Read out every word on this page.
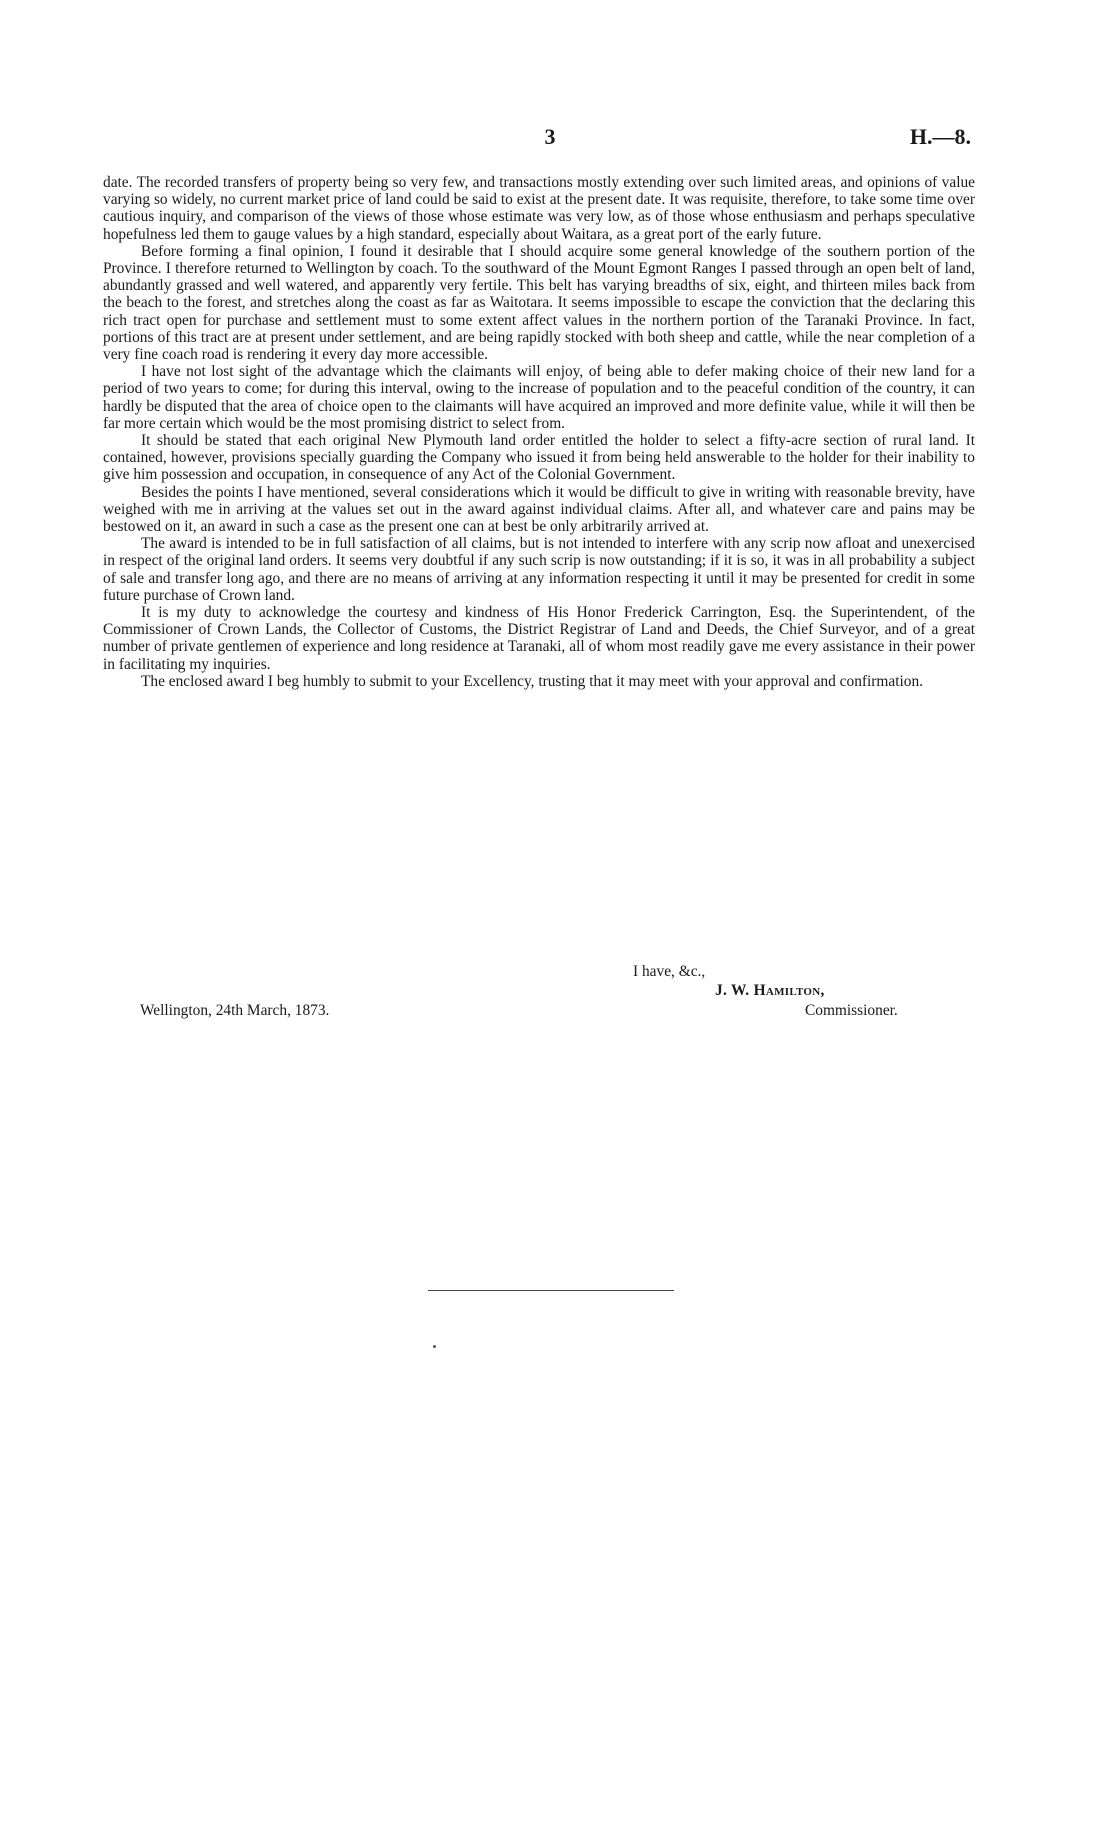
3	H.—8.

date. The recorded transfers of property being so very few, and transactions mostly extending over such limited areas, and opinions of value varying so widely, no current market price of land could be said to exist at the present date. It was requisite, therefore, to take some time over cautious inquiry, and comparison of the views of those whose estimate was very low, as of those whose enthusiasm and perhaps speculative hopefulness led them to gauge values by a high standard, especially about Waitara, as a great port of the early future.

Before forming a final opinion, I found it desirable that I should acquire some general knowledge of the southern portion of the Province. I therefore returned to Wellington by coach. To the southward of the Mount Egmont Ranges I passed through an open belt of land, abundantly grassed and well watered, and apparently very fertile. This belt has varying breadths of six, eight, and thirteen miles back from the beach to the forest, and stretches along the coast as far as Waitotara. It seems impossible to escape the conviction that the declaring this rich tract open for purchase and settlement must to some extent affect values in the northern portion of the Taranaki Province. In fact, portions of this tract are at present under settlement, and are being rapidly stocked with both sheep and cattle, while the near completion of a very fine coach road is rendering it every day more accessible.

I have not lost sight of the advantage which the claimants will enjoy, of being able to defer making choice of their new land for a period of two years to come; for during this interval, owing to the increase of population and to the peaceful condition of the country, it can hardly be disputed that the area of choice open to the claimants will have acquired an improved and more definite value, while it will then be far more certain which would be the most promising district to select from.

It should be stated that each original New Plymouth land order entitled the holder to select a fifty-acre section of rural land. It contained, however, provisions specially guarding the Company who issued it from being held answerable to the holder for their inability to give him possession and occupation, in consequence of any Act of the Colonial Government.

Besides the points I have mentioned, several considerations which it would be difficult to give in writing with reasonable brevity, have weighed with me in arriving at the values set out in the award against individual claims. After all, and whatever care and pains may be bestowed on it, an award in such a case as the present one can at best be only arbitrarily arrived at.

The award is intended to be in full satisfaction of all claims, but is not intended to interfere with any scrip now afloat and unexercised in respect of the original land orders. It seems very doubtful if any such scrip is now outstanding; if it is so, it was in all probability a subject of sale and transfer long ago, and there are no means of arriving at any information respecting it until it may be presented for credit in some future purchase of Crown land.

It is my duty to acknowledge the courtesy and kindness of His Honor Frederick Carrington, Esq. the Superintendent, of the Commissioner of Crown Lands, the Collector of Customs, the District Registrar of Land and Deeds, the Chief Surveyor, and of a great number of private gentlemen of experience and long residence at Taranaki, all of whom most readily gave me every assistance in their power in facilitating my inquiries.

The enclosed award I beg humbly to submit to your Excellency, trusting that it may meet with your approval and confirmation.

I have, &c.,
J. W. Hamilton,
Wellington, 24th March, 1873.	Commissioner.
